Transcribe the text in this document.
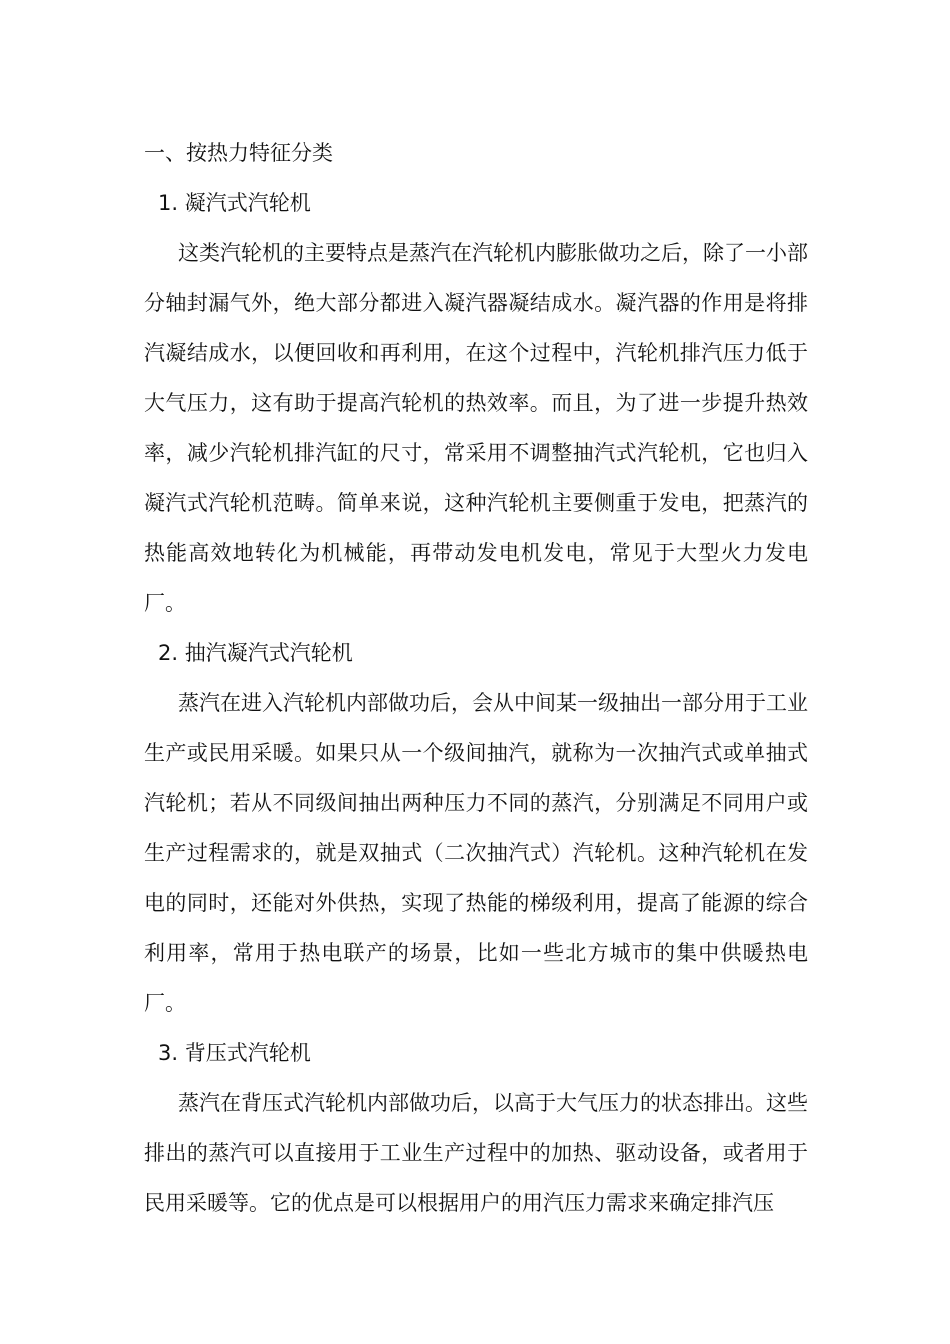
一、按热力特征分类
1. 凝汽式汽轮机

这类汽轮机的主要特点是蒸汽在汽轮机内膨胀做功之后，除了一小部分轴封漏气外，绝大部分都进入凝汽器凝结成水。凝汽器的作用是将排汽凝结成水，以便回收和再利用，在这个过程中，汽轮机排汽压力低于大气压力，这有助于提高汽轮机的热效率。而且，为了进一步提升热效率，减少汽轮机排汽缸的尺寸，常采用不调整抽汽式汽轮机，它也归入凝汽式汽轮机范畴。简单来说，这种汽轮机主要侧重于发电，把蒸汽的热能高效地转化为机械能，再带动发电机发电，常见于大型火力发电厂。

2. 抽汽凝汽式汽轮机

蒸汽在进入汽轮机内部做功后，会从中间某一级抽出一部分用于工业生产或民用采暖。如果只从一个级间抽汽，就称为一次抽汽式或单抽式汽轮机；若从不同级间抽出两种压力不同的蒸汽，分别满足不同用户或生产过程需求的，就是双抽式（二次抽汽式）汽轮机。这种汽轮机在发电的同时，还能对外供热，实现了热能的梯级利用，提高了能源的综合利用率，常用于热电联产的场景，比如一些北方城市的集中供暖热电厂。

3. 背压式汽轮机

蒸汽在背压式汽轮机内部做功后，以高于大气压力的状态排出。这些排出的蒸汽可以直接用于工业生产过程中的加热、驱动设备，或者用于民用采暖等。它的优点是可以根据用户的用汽压力需求来确定排汽压
